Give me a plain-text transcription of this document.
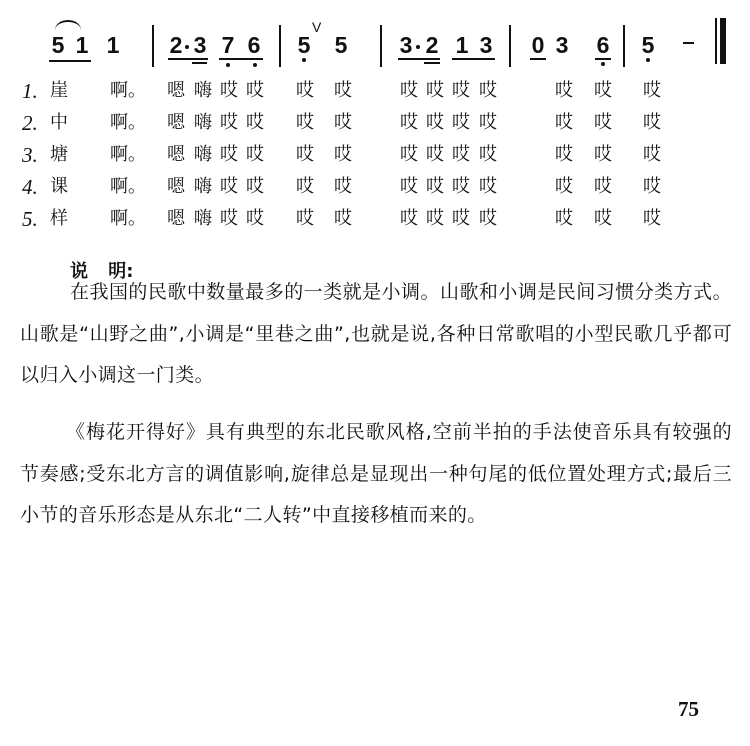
5 1 1 2 3 7 6 5
V
5 3 2 1 3 0 3 6 5
1. 崖 啊。 嗯 嗨 哎 哎 哎 哎	哎 哎 哎 哎	哎 哎 哎
2. 中 啊。 嗯 嗨 哎 哎 哎 哎	哎 哎 哎 哎	哎 哎 哎
3. 塘 啊。 嗯 嗨 哎 哎 哎 哎	哎 哎 哎 哎	哎 哎 哎
4. 课 啊。 嗯 嗨 哎 哎 哎 哎	哎 哎 哎 哎	哎 哎 哎
5. 样 啊。 嗯 嗨 哎 哎 哎 哎	哎 哎 哎 哎	哎 哎 哎
说 明:

在我国的民歌中数量最多的一类就是小调。山歌和小调是民间习惯分类方式。山歌是“山野之曲”,小调是“里巷之曲”,也就是说,各种日常歌唱的小型民歌几乎都可以归入小调这一门类。

《梅花开得好》具有典型的东北民歌风格,空前半拍的手法使音乐具有较强的节奏感;受东北方言的调值影响,旋律总是显现出一种句尾的低位置处理方式;最后三小节的音乐形态是从东北“二人转”中直接移植而来的。

75
